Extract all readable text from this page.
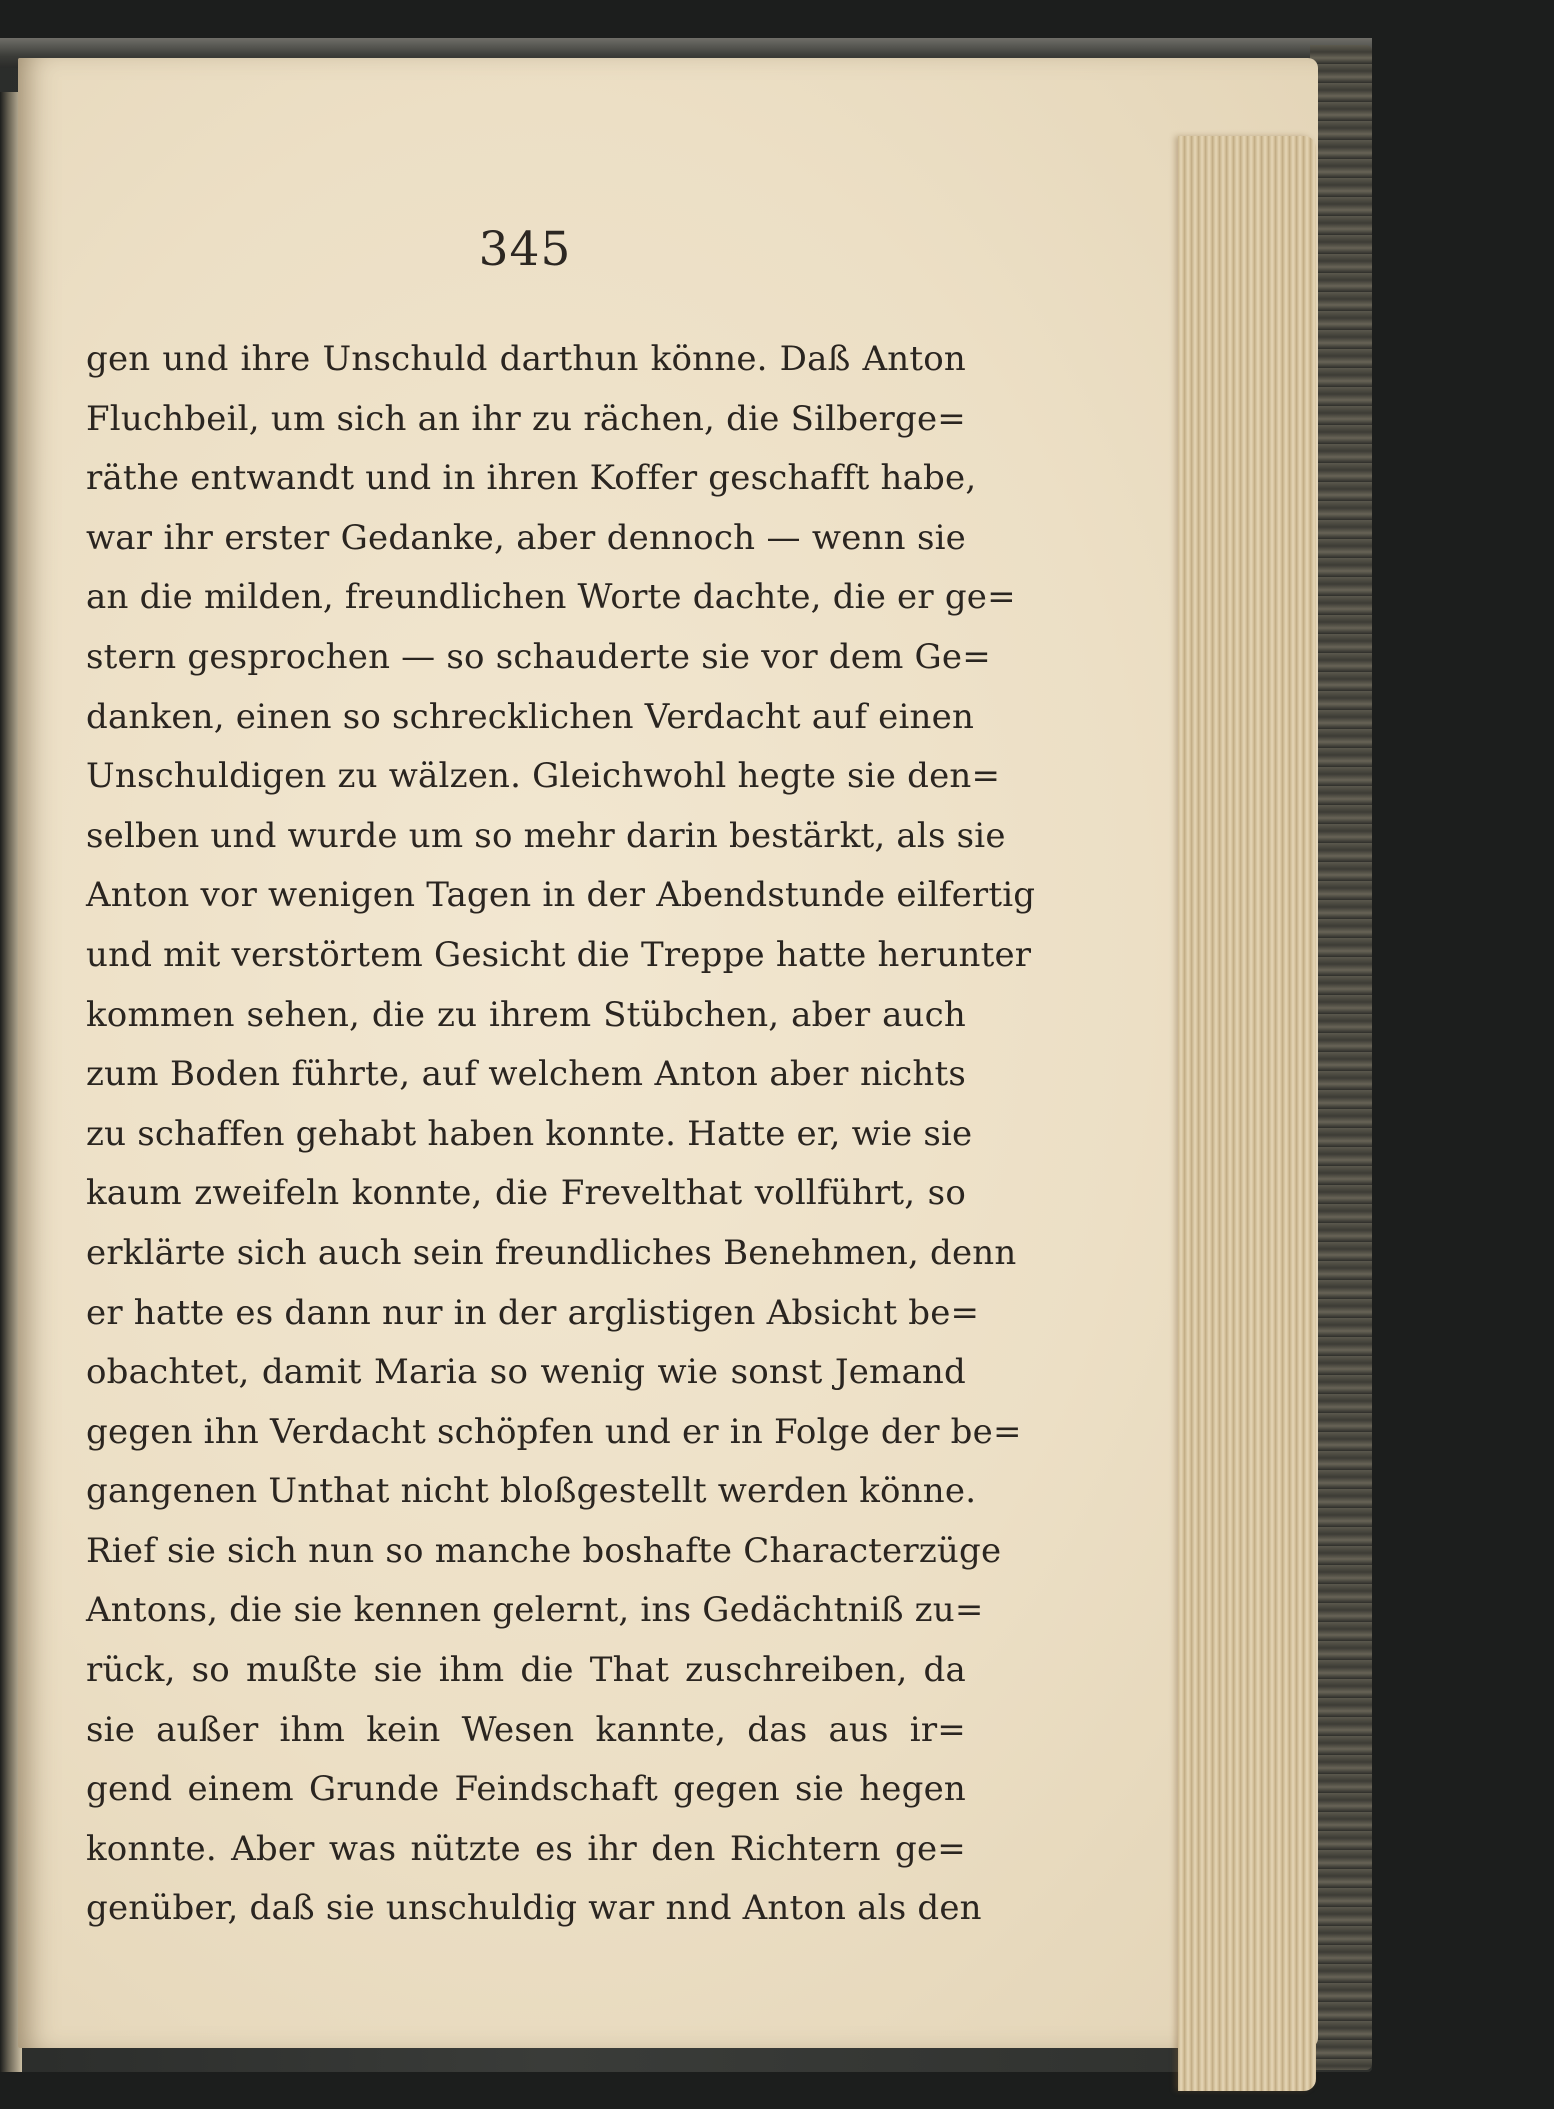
345
gen und ihre Unschuld darthun könne. Daß Anton
Fluchbeil, um sich an ihr zu rächen, die Silberge=
räthe entwandt und in ihren Koffer geschafft habe,
war ihr erster Gedanke, aber dennoch — wenn sie
an die milden, freundlichen Worte dachte, die er ge=
stern gesprochen — so schauderte sie vor dem Ge=
danken, einen so schrecklichen Verdacht auf einen
Unschuldigen zu wälzen. Gleichwohl hegte sie den=
selben und wurde um so mehr darin bestärkt, als sie
Anton vor wenigen Tagen in der Abendstunde eilfertig
und mit verstörtem Gesicht die Treppe hatte herunter
kommen sehen, die zu ihrem Stübchen, aber auch
zum Boden führte, auf welchem Anton aber nichts
zu schaffen gehabt haben konnte. Hatte er, wie sie
kaum zweifeln konnte, die Frevelthat vollführt, so
erklärte sich auch sein freundliches Benehmen, denn
er hatte es dann nur in der arglistigen Absicht be=
obachtet, damit Maria so wenig wie sonst Jemand
gegen ihn Verdacht schöpfen und er in Folge der be=
gangenen Unthat nicht bloßgestellt werden könne.
Rief sie sich nun so manche boshafte Characterzüge
Antons, die sie kennen gelernt, ins Gedächtniß zu=
rück, so mußte sie ihm die That zuschreiben, da
sie außer ihm kein Wesen kannte, das aus ir=
gend einem Grunde Feindschaft gegen sie hegen
konnte. Aber was nützte es ihr den Richtern ge=
genüber, daß sie unschuldig war nnd Anton als den
